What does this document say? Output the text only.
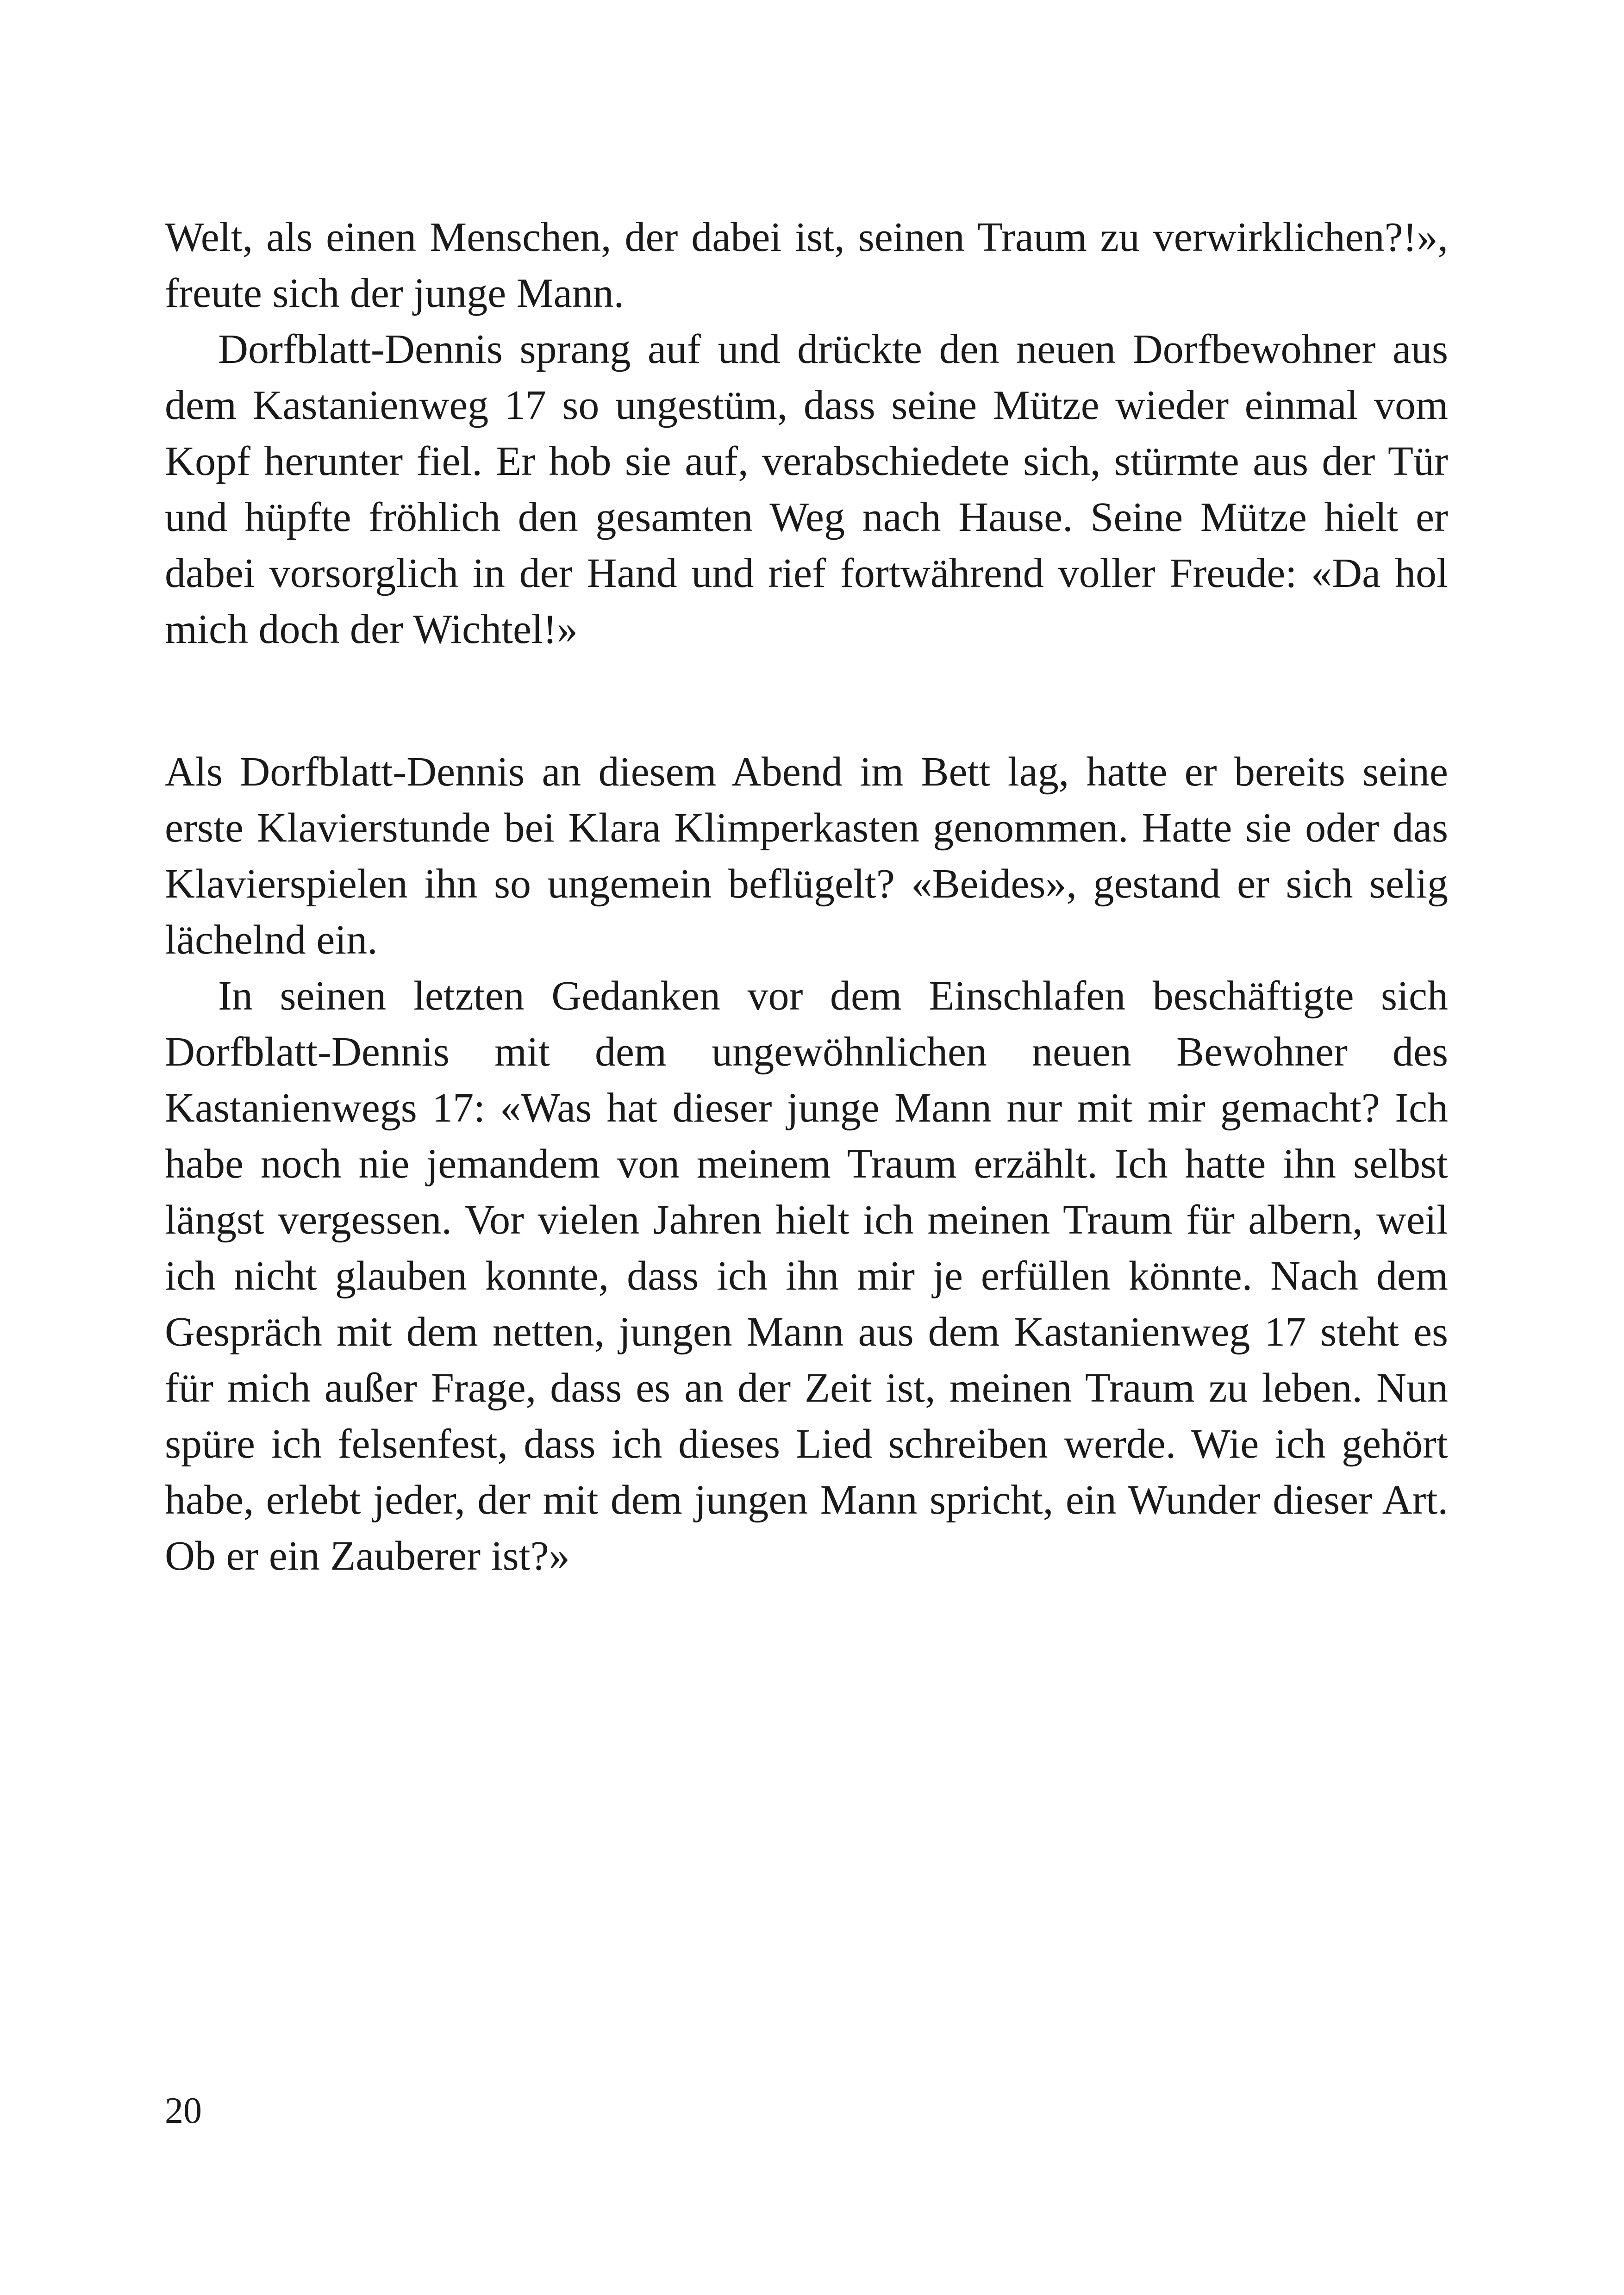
Welt, als einen Menschen, der dabei ist, seinen Traum zu verwirklichen?!», freute sich der junge Mann.

Dorfblatt-Dennis sprang auf und drückte den neuen Dorfbewohner aus dem Kastanienweg 17 so ungestüm, dass seine Mütze wieder einmal vom Kopf herunter fiel. Er hob sie auf, verabschiedete sich, stürmte aus der Tür und hüpfte fröhlich den gesamten Weg nach Hause. Seine Mütze hielt er dabei vorsorglich in der Hand und rief fortwährend voller Freude: «Da hol mich doch der Wichtel!»

Als Dorfblatt-Dennis an diesem Abend im Bett lag, hatte er bereits seine erste Klavierstunde bei Klara Klimperkasten genommen. Hatte sie oder das Klavierspielen ihn so ungemein beflügelt? «Beides», gestand er sich selig lächelnd ein.

In seinen letzten Gedanken vor dem Einschlafen beschäftigte sich Dorfblatt-Dennis mit dem ungewöhnlichen neuen Bewohner des Kastanienwegs 17: «Was hat dieser junge Mann nur mit mir gemacht? Ich habe noch nie jemandem von meinem Traum erzählt. Ich hatte ihn selbst längst vergessen. Vor vielen Jahren hielt ich meinen Traum für albern, weil ich nicht glauben konnte, dass ich ihn mir je erfüllen könnte. Nach dem Gespräch mit dem netten, jungen Mann aus dem Kastanienweg 17 steht es für mich außer Frage, dass es an der Zeit ist, meinen Traum zu leben. Nun spüre ich felsenfest, dass ich dieses Lied schreiben werde. Wie ich gehört habe, erlebt jeder, der mit dem jungen Mann spricht, ein Wunder dieser Art. Ob er ein Zauberer ist?»

20
